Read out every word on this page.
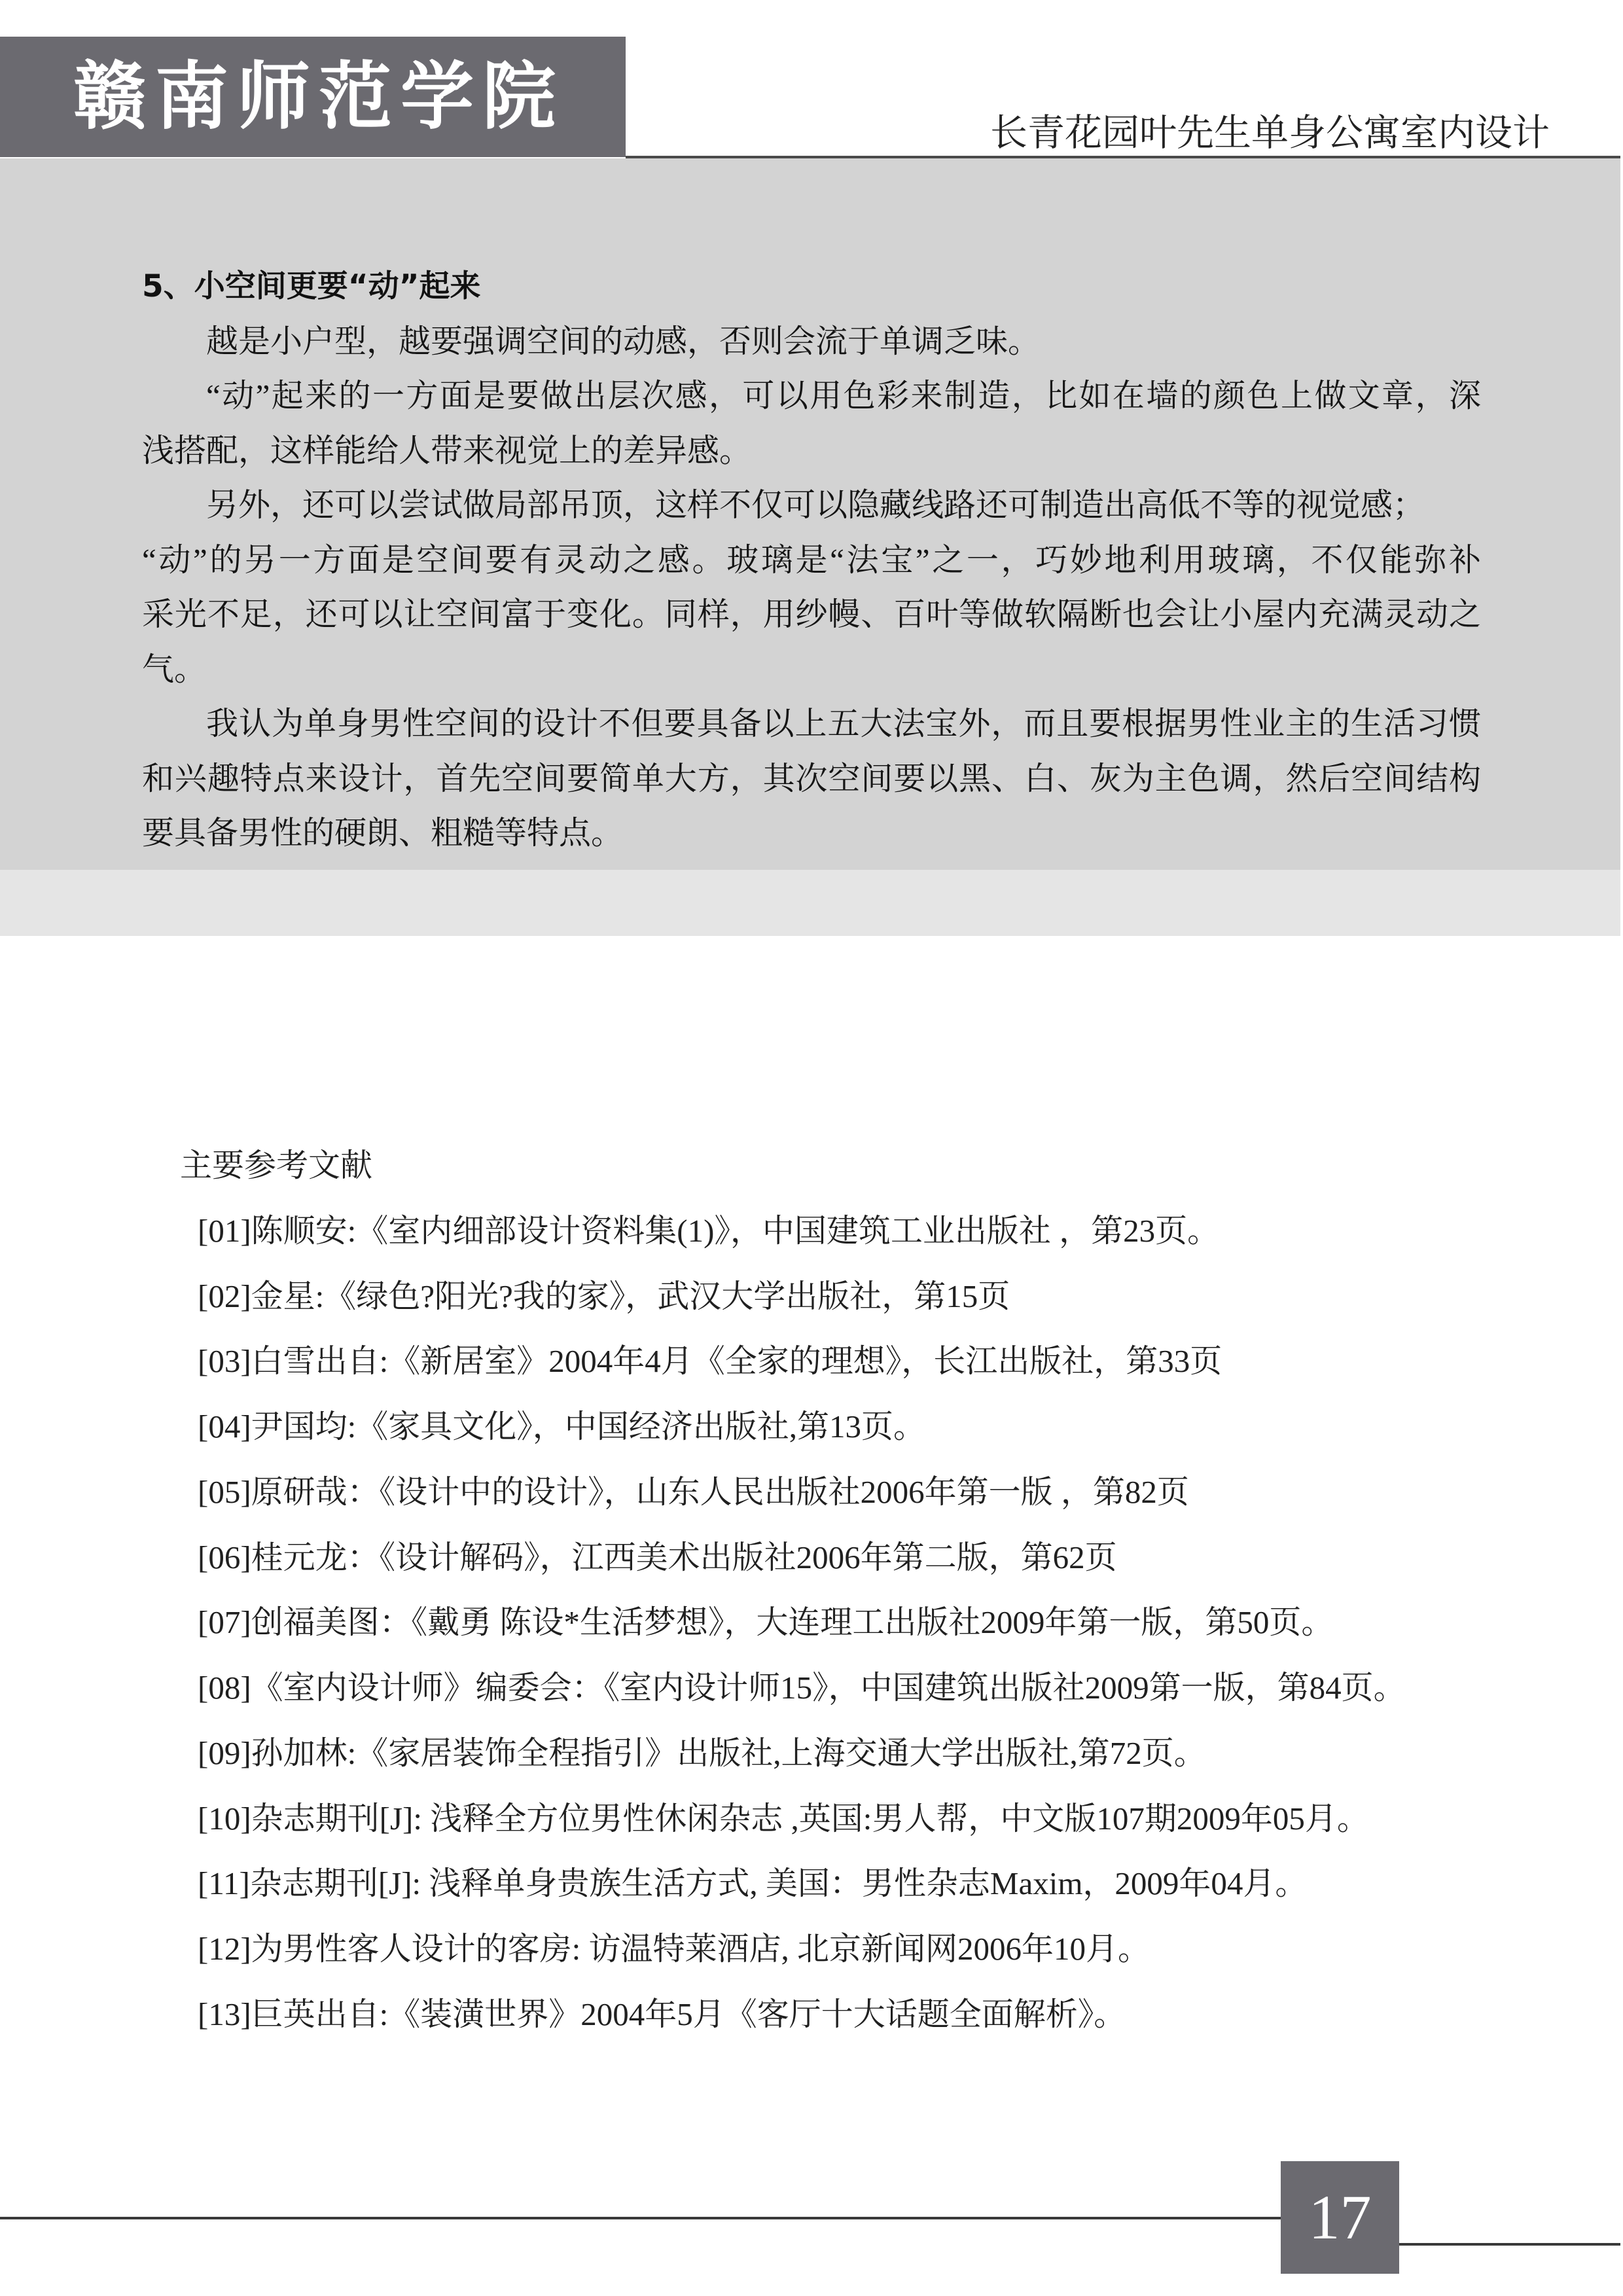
赣南师范学院	长青花园叶先生单身公寓室内设计
5、小空间更要“动”起来
越是小户型，越要强调空间的动感，否则会流于单调乏味。
“动”起来的一方面是要做出层次感，可以用色彩来制造，比如在墙的颜色上做文章，深
浅搭配，这样能给人带来视觉上的差异感。
另外，还可以尝试做局部吊顶，这样不仅可以隐藏线路还可制造出高低不等的视觉感；
“动”的另一方面是空间要有灵动之感。玻璃是“法宝”之一，巧妙地利用玻璃，不仅能弥补
采光不足，还可以让空间富于变化。同样，用纱幔、百叶等做软隔断也会让小屋内充满灵动之
气。
我认为单身男性空间的设计不但要具备以上五大法宝外，而且要根据男性业主的生活习惯
和兴趣特点来设计，首先空间要简单大方，其次空间要以黑、白、灰为主色调，然后空间结构
要具备男性的硬朗、粗糙等特点。
主要参考文献
[01]陈顺安:《室内细部设计资料集(1)》，中国建筑工业出版社 ，第23页。
[02]金星:《绿色?阳光?我的家》，武汉大学出版社，第15页
[03]白雪出自:《新居室》2004年4月《全家的理想》，长江出版社，第33页
[04]尹国均:《家具文化》，中国经济出版社,第13页。
[05]原研哉：《设计中的设计》，山东人民出版社2006年第一版 ，第82页
[06]桂元龙：《设计解码》，江西美术出版社2006年第二版，第62页
[07]创福美图：《戴勇 陈设*生活梦想》，大连理工出版社2009年第一版，第50页。
[08]《室内设计师》编委会：《室内设计师15》，中国建筑出版社2009第一版，第84页。
[09]孙加林:《家居装饰全程指引》出版社,上海交通大学出版社,第72页。
[10]杂志期刊[J]: 浅释全方位男性休闲杂志 ,英国:男人帮，中文版107期2009年05月。
[11]杂志期刊[J]: 浅释单身贵族生活方式, 美国：男性杂志Maxim，2009年04月。
[12]为男性客人设计的客房: 访温特莱酒店, 北京新闻网2006年10月。
[13]巨英出自:《装潢世界》2004年5月《客厅十大话题全面解析》。
17
